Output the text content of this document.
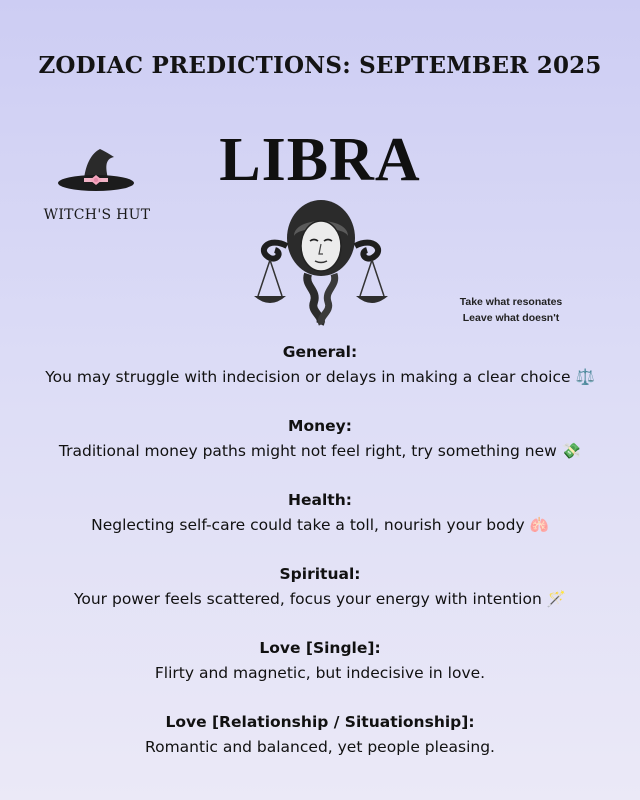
ZODIAC PREDICTIONS: SEPTEMBER 2025
LIBRA
WITCH'S HUT
Take what resonates
Leave what doesn't
General:
You may struggle with indecision or delays in making a clear choice ⚖️
Money:
Traditional money paths might not feel right, try something new 💸
Health:
Neglecting self-care could take a toll, nourish your body 🫁
Spiritual:
Your power feels scattered, focus your energy with intention 🪄
Love [Single]:
Flirty and magnetic, but indecisive in love.
Love [Relationship / Situationship]:
Romantic and balanced, yet people pleasing.
